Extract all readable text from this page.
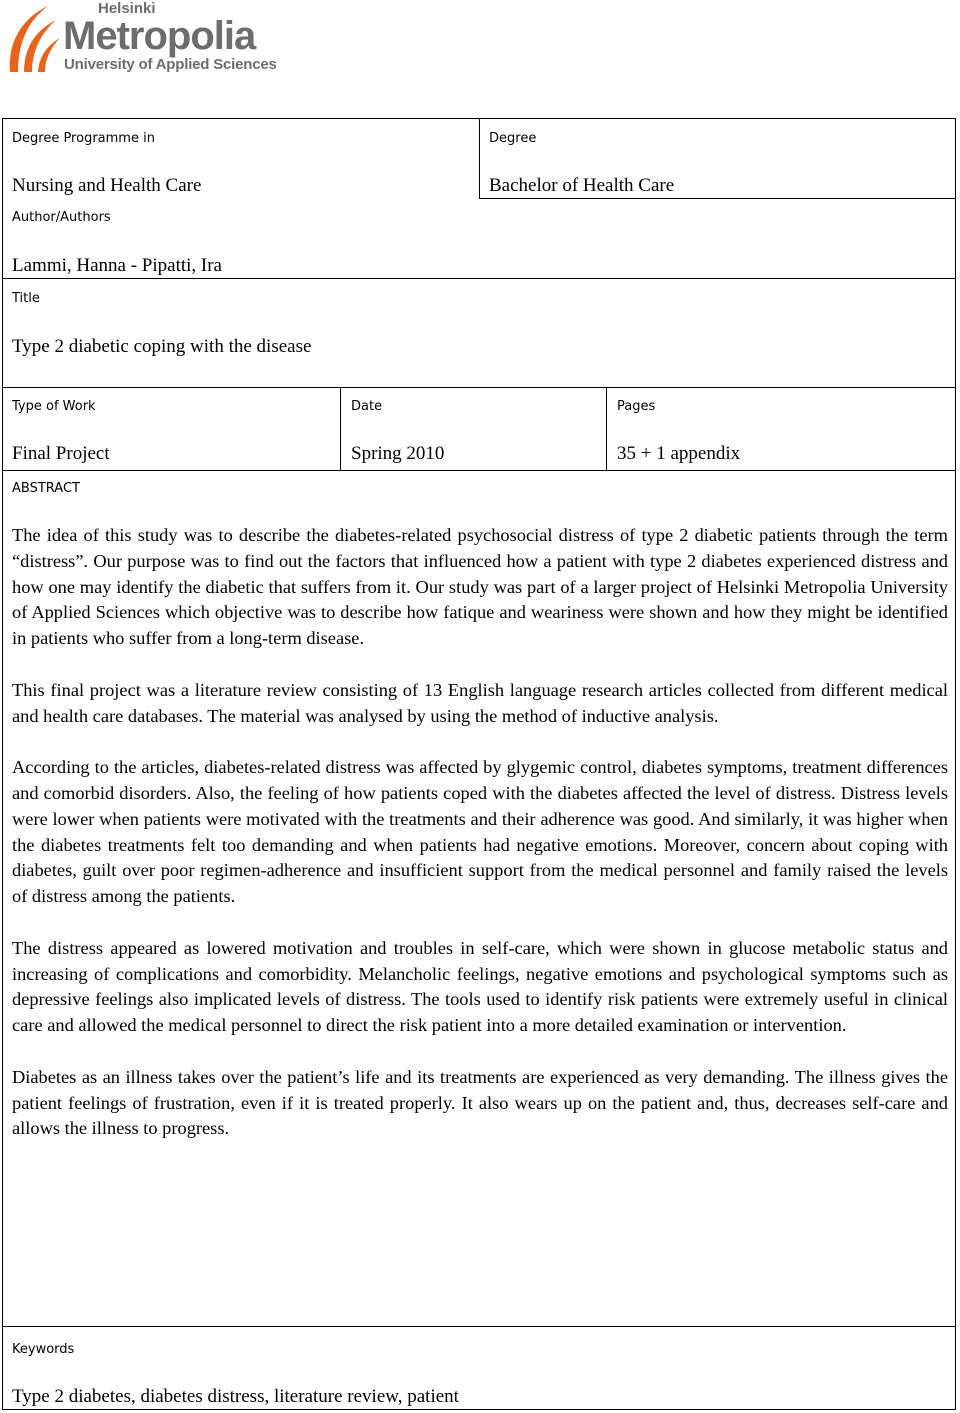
Helsinki
Metropolia
University of Applied Sciences
Degree Programme in
Nursing and Health Care
Degree
Bachelor of Health Care
Author/Authors
Lammi, Hanna - Pipatti, Ira
Title
Type 2 diabetic coping with the disease
Type of Work
Final Project
Date
Spring 2010
Pages
35 + 1 appendix
ABSTRACT

The idea of this study was to describe the diabetes-related psychosocial distress of type 2 diabetic patients through the term “distress”. Our purpose was to find out the factors that influenced how a patient with type 2 diabetes experienced distress and how one may identify the diabetic that suffers from it. Our study was part of a larger project of Helsinki Metropolia University of Applied Sciences which objective was to describe how fatique and weariness were shown and how they might be identified in patients who suffer from a long-term disease.

This final project was a literature review consisting of 13 English language research articles collected from different medical and health care databases. The material was analysed by using the method of inductive analysis.

According to the articles, diabetes-related distress was affected by glygemic control, diabetes symptoms, treatment differences and comorbid disorders. Also, the feeling of how patients coped with the diabetes affected the level of distress. Distress levels were lower when patients were motivated with the treatments and their adherence was good. And similarly, it was higher when the diabetes treatments felt too demanding and when patients had negative emotions. Moreover, concern about coping with diabetes, guilt over poor regimen-adherence and insufficient support from the medical personnel and family raised the levels of distress among the patients.

The distress appeared as lowered motivation and troubles in self-care, which were shown in glucose metabolic status and increasing of complications and comorbidity. Melancholic feelings, negative emotions and psychological symptoms such as depressive feelings also implicated levels of distress. The tools used to identify risk patients were extremely useful in clinical care and allowed the medical personnel to direct the risk patient into a more detailed examination or intervention.

Diabetes as an illness takes over the patient’s life and its treatments are experienced as very demanding. The illness gives the patient feelings of frustration, even if it is treated properly. It also wears up on the patient and, thus, decreases self-care and allows the illness to progress.

Keywords
Type 2 diabetes, diabetes distress, literature review, patient
